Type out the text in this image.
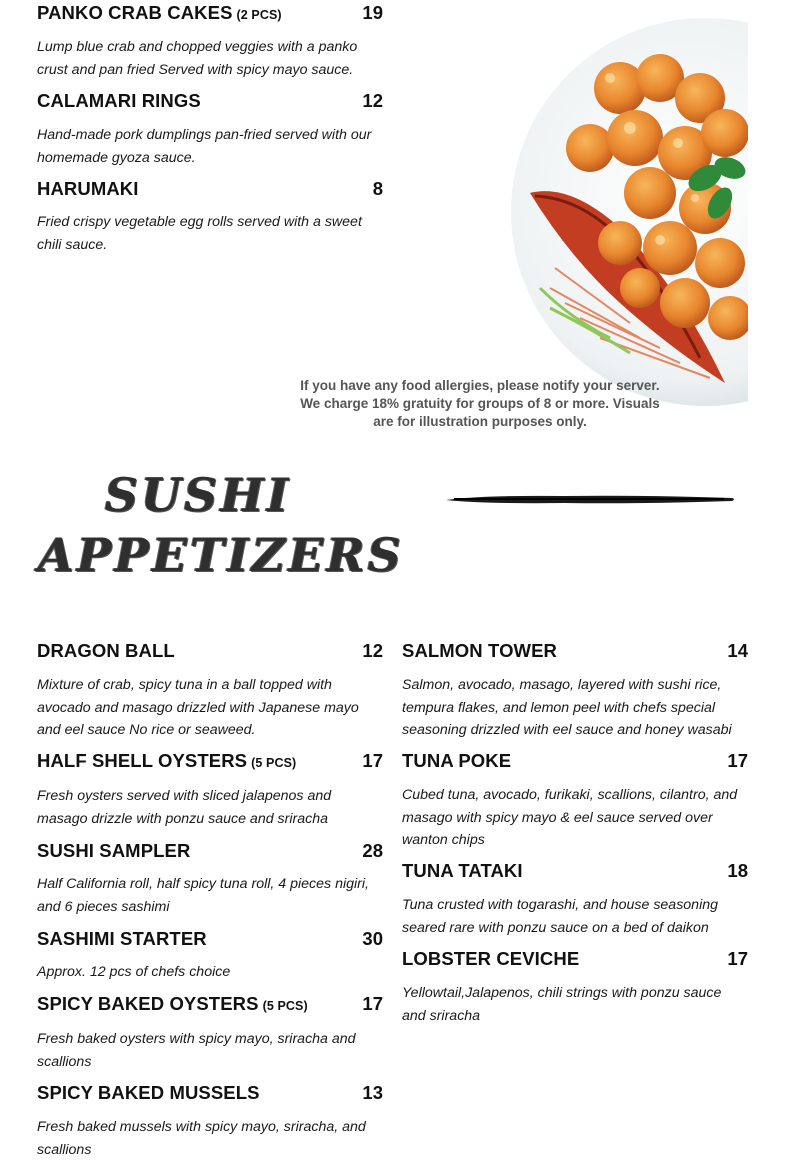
PANKO CRAB CAKES (2 PCS)	19

Lump blue crab and chopped veggies with a panko crust and pan fried Served with spicy mayo sauce.

CALAMARI RINGS	12

Hand-made pork dumplings pan-fried served with our homemade gyoza sauce.

HARUMAKI	8

Fried crispy vegetable egg rolls served with a sweet chili sauce.

If you have any food allergies, please notify your server. We charge 18% gratuity for groups of 8 or more. Visuals are for illustration purposes only.
SUSHI
APPETIZERS
DRAGON BALL	12

Mixture of crab, spicy tuna in a ball topped with avocado and masago drizzled with Japanese mayo and eel sauce No rice or seaweed.

HALF SHELL OYSTERS (5 PCS)	17

Fresh oysters served with sliced jalapenos and masago drizzle with ponzu sauce and sriracha

SUSHI SAMPLER	28

Half California roll, half spicy tuna roll, 4 pieces nigiri, and 6 pieces sashimi

SASHIMI STARTER	30

Approx. 12 pcs of chefs choice

SPICY BAKED OYSTERS (5 PCS)	17

Fresh baked oysters with spicy mayo, sriracha and scallions

SPICY BAKED MUSSELS	13

Fresh baked mussels with spicy mayo, sriracha, and scallions

SALMON TOWER	14

Salmon, avocado, masago, layered with sushi rice, tempura flakes, and lemon peel with chefs special seasoning drizzled with eel sauce and honey wasabi

TUNA POKE	17

Cubed tuna, avocado, furikaki, scallions, cilantro, and masago with spicy mayo & eel sauce served over wanton chips

TUNA TATAKI	18

Tuna crusted with togarashi, and house seasoning seared rare with ponzu sauce on a bed of daikon

LOBSTER CEVICHE	17

Yellowtail,Jalapenos, chili strings with ponzu sauce and sriracha
